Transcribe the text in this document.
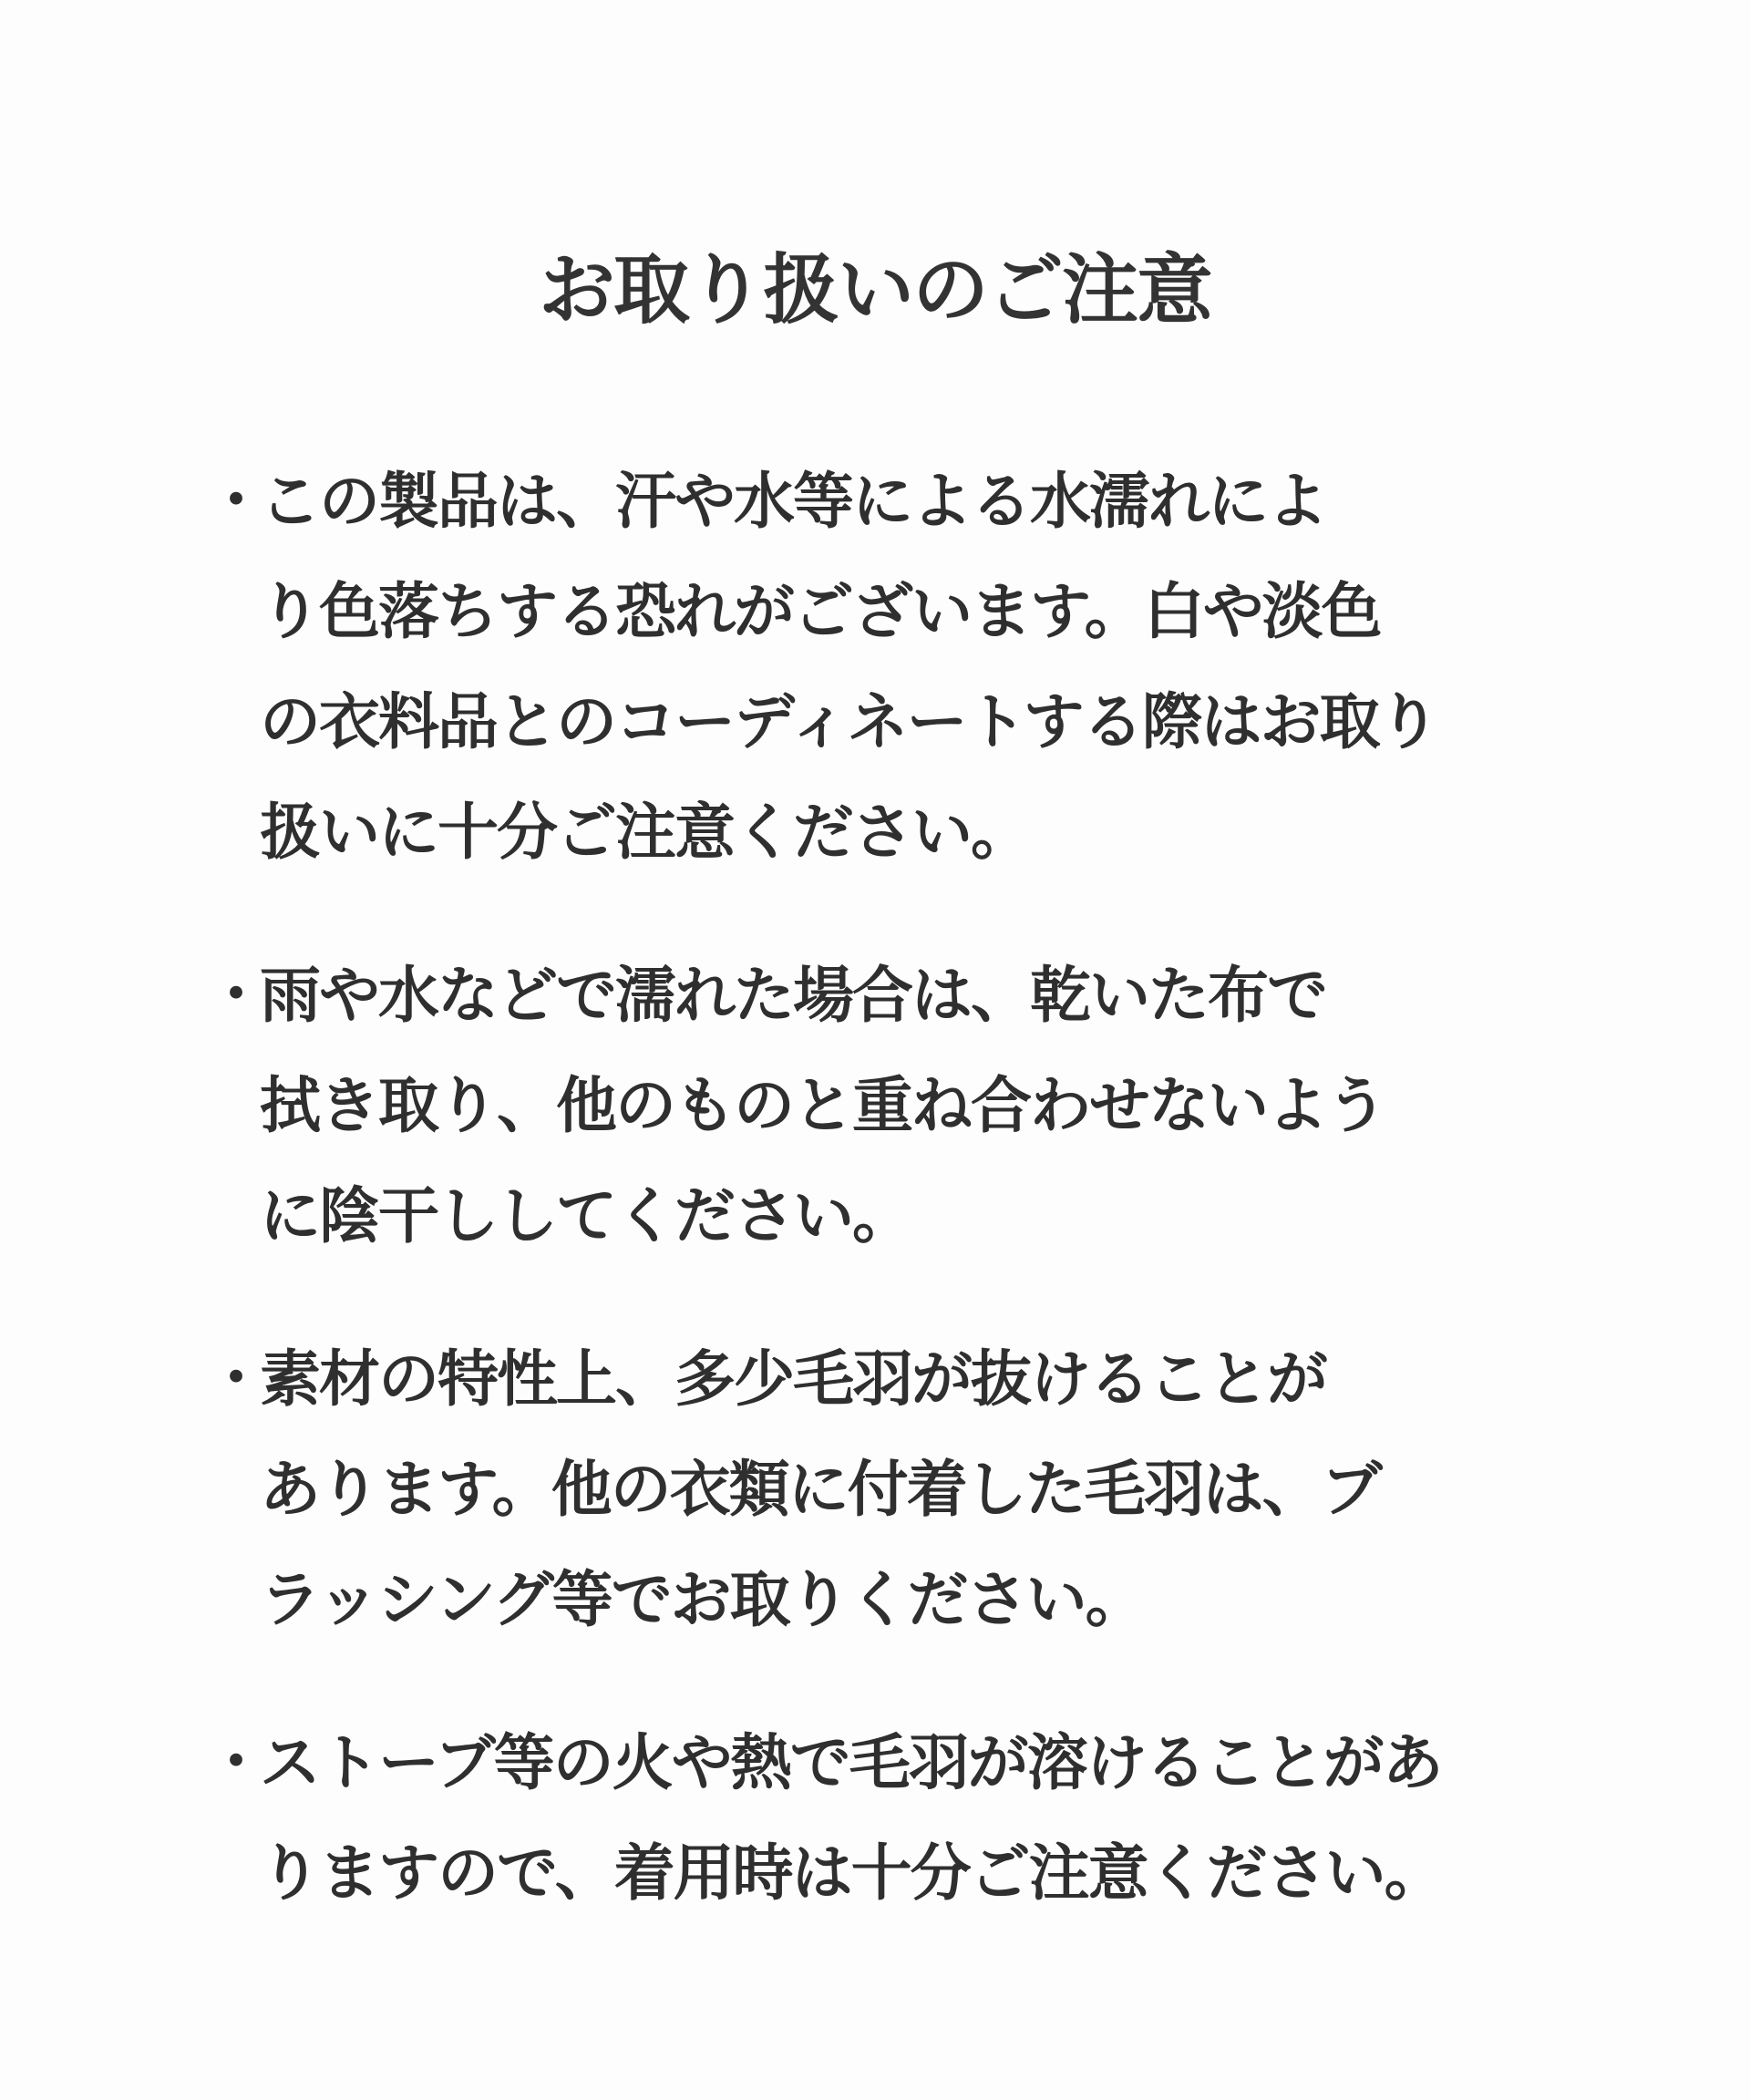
お取り扱いのご注意
・
この製品は、汗や水等による水濡れによ
り色落ちする恐れがございます。白や淡色
の衣料品とのコーディネートする際はお取り
扱いに十分ご注意ください。
・
雨や水などで濡れた場合は、乾いた布で
拭き取り、他のものと重ね合わせないよう
に陰干ししてください。
・
素材の特性上、多少毛羽が抜けることが
あります。他の衣類に付着した毛羽は、ブ
ラッシング等でお取りください。
・
ストーブ等の火や熱で毛羽が溶けることがあ
りますので、着用時は十分ご注意ください。
